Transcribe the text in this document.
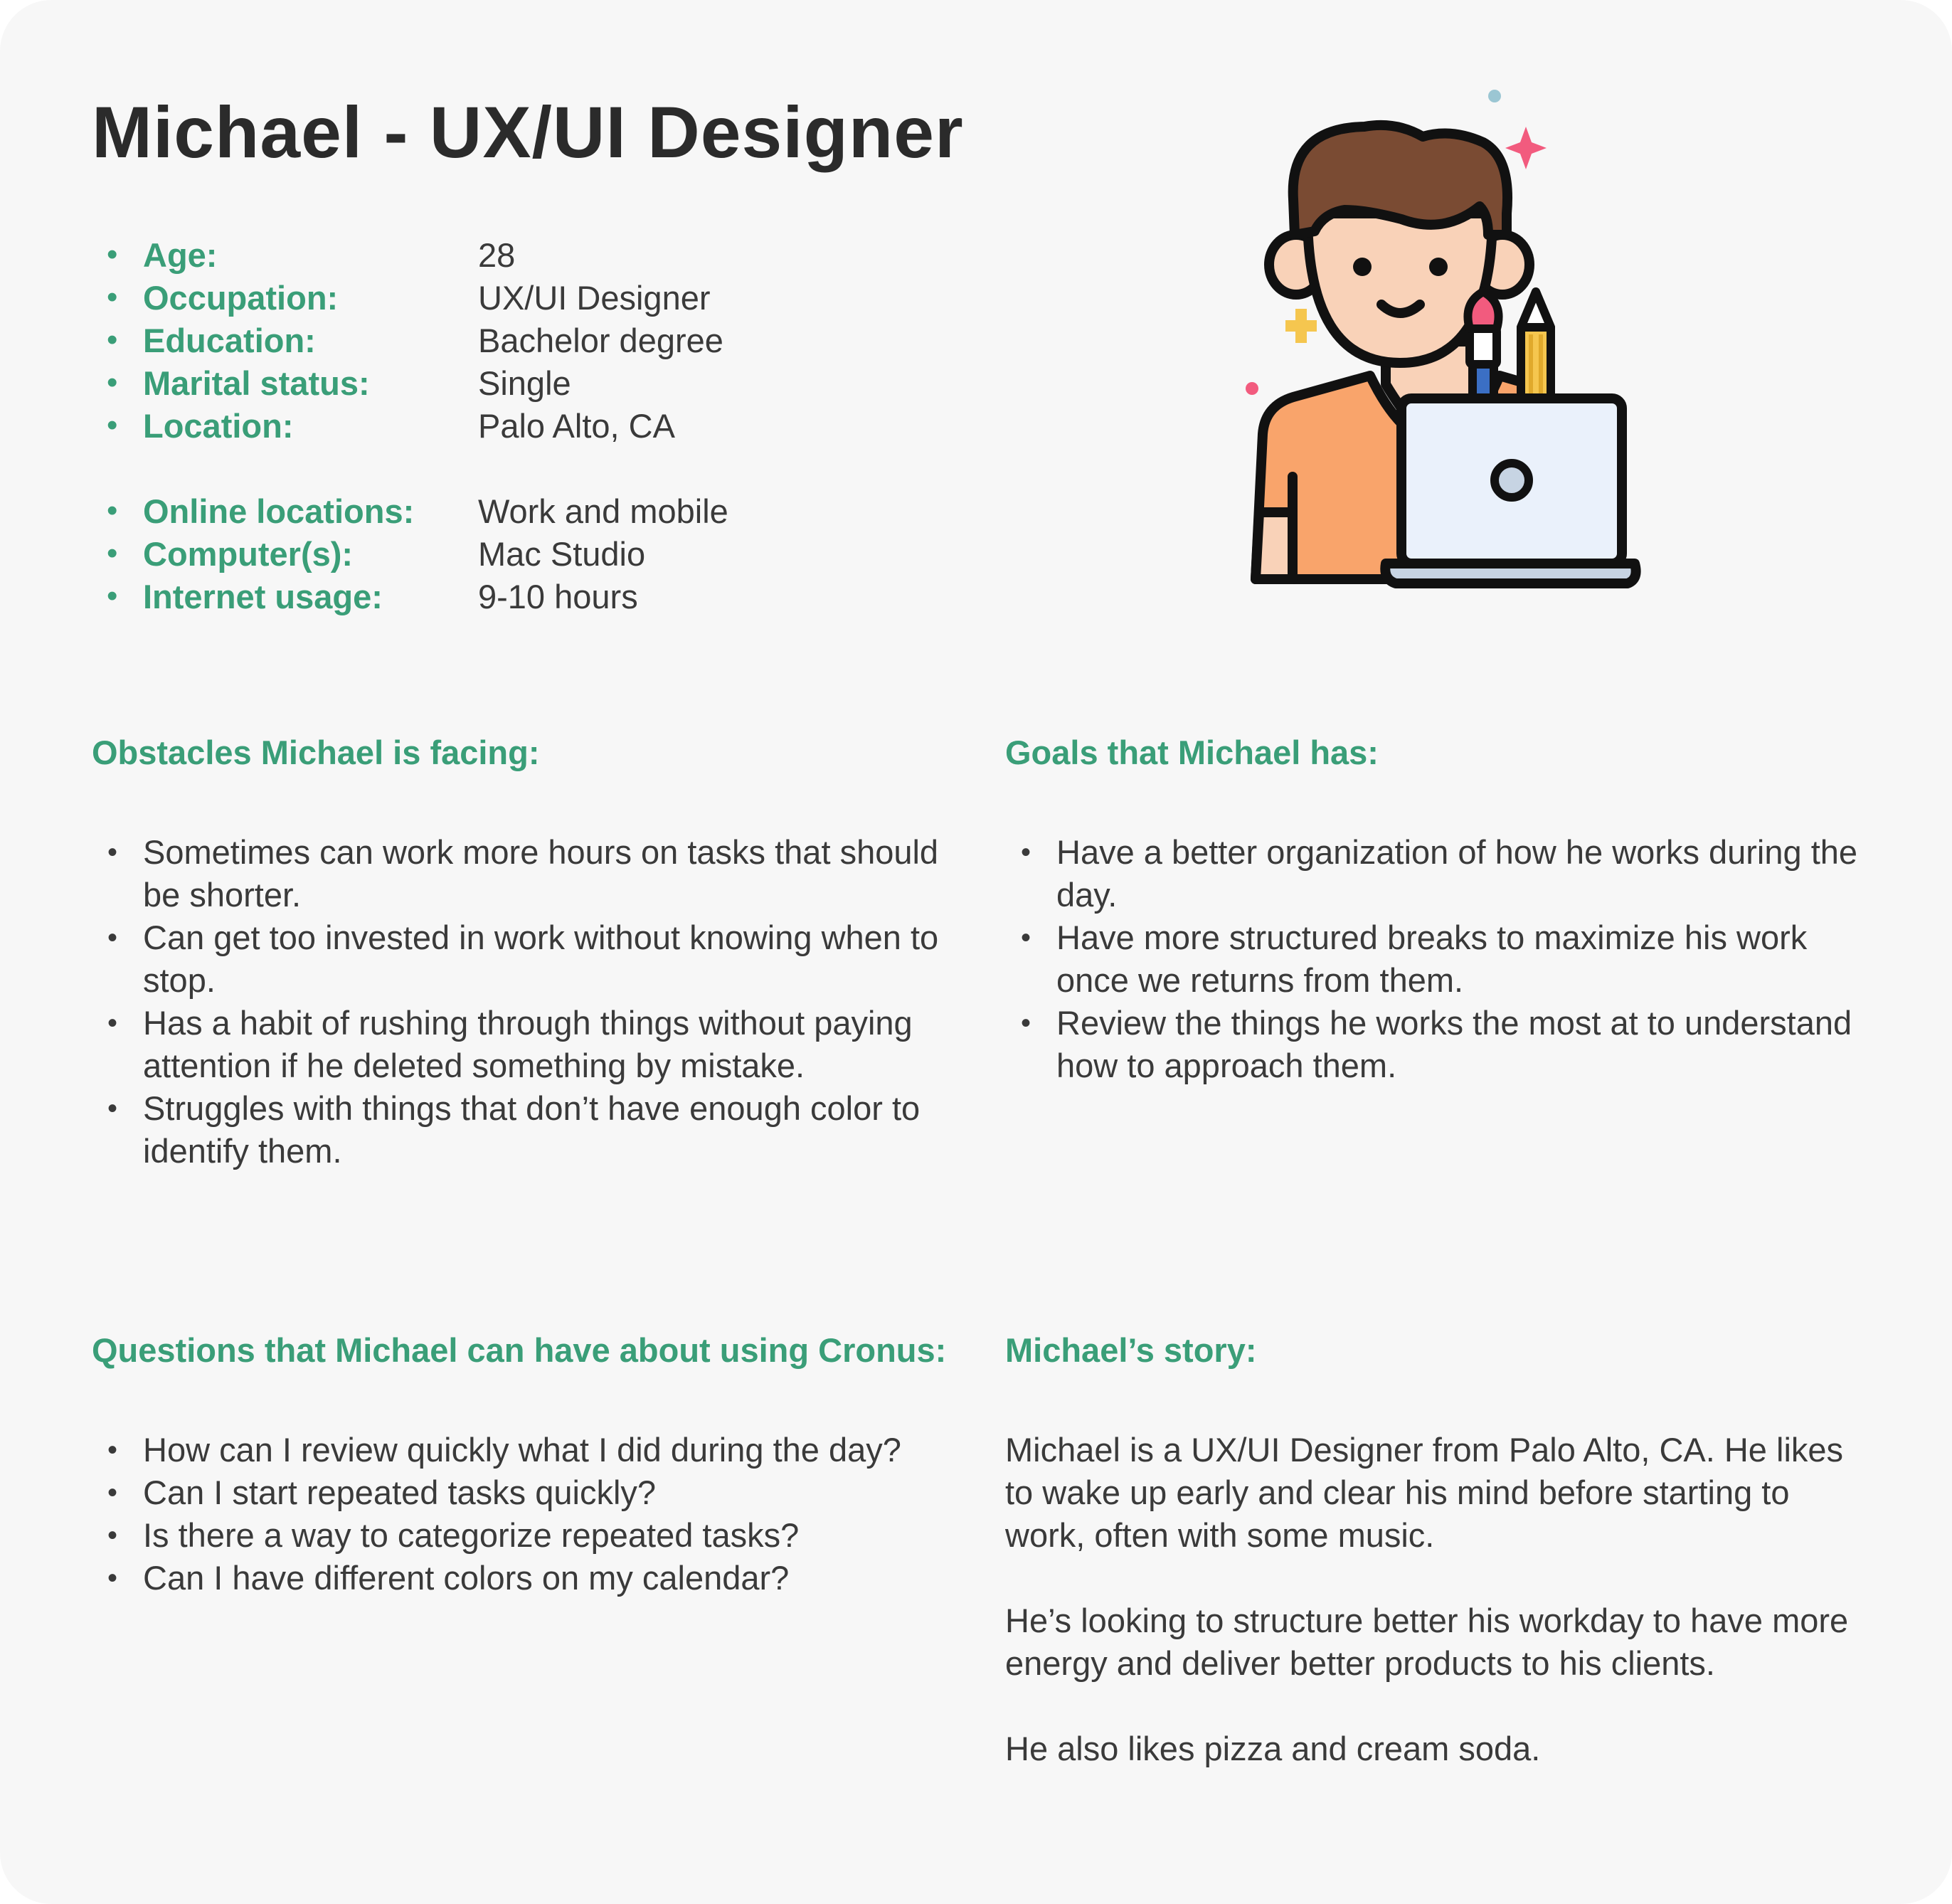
Michael - UX/UI Designer
• Age:	28
• Occupation:	UX/UI Designer
• Education:	Bachelor degree
• Marital status:	Single
• Location:	Palo Alto, CA
• Online locations:	Work and mobile
• Computer(s):	Mac Studio
• Internet usage:	9-10 hours
Obstacles Michael is facing:
• Sometimes can work more hours on tasks that should be shorter.
• Can get too invested in work without knowing when to stop.
• Has a habit of rushing through things without paying attention if he deleted something by mistake.
• Struggles with things that don’t have enough color to identify them.
Goals that Michael has:
• Have a better organization of how he works during the day.
• Have more structured breaks to maximize his work once we returns from them.
• Review the things he works the most at to understand how to approach them.
Questions that Michael can have about using Cronus:
• How can I review quickly what I did during the day?
• Can I start repeated tasks quickly?
• Is there a way to categorize repeated tasks?
• Can I have different colors on my calendar?
Michael’s story:

Michael is a UX/UI Designer from Palo Alto, CA. He likes to wake up early and clear his mind before starting to work, often with some music.

He’s looking to structure better his workday to have more energy and deliver better products to his clients.

He also likes pizza and cream soda.
